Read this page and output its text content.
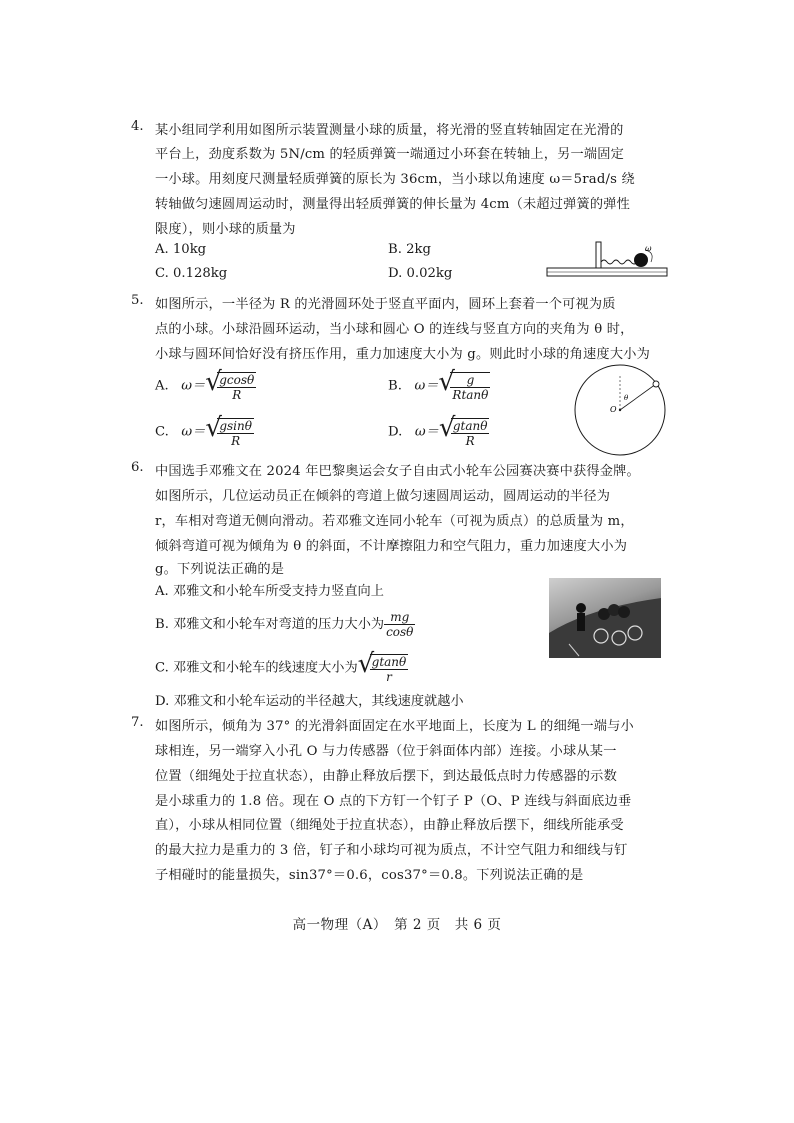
4. 某小组同学利用如图所示装置测量小球的质量，将光滑的竖直转轴固定在光滑的
平台上，劲度系数为 5N/cm 的轻质弹簧一端通过小环套在转轴上，另一端固定
一小球。用刻度尺测量轻质弹簧的原长为 36cm，当小球以角速度 ω＝5rad/s 绕
转轴做匀速圆周运动时，测量得出轻质弹簧的伸长量为 4cm（未超过弹簧的弹性
限度），则小球的质量为
A. 10kg	B. 2kg
C. 0.128kg	D. 0.02kg
ω
5. 如图所示，一半径为 R 的光滑圆环处于竖直平面内，圆环上套着一个可视为质
点的小球。小球沿圆环运动，当小球和圆心 O 的连线与竖直方向的夹角为 θ 时，
小球与圆环间恰好没有挤压作用，重力加速度大小为 g。则此时小球的角速度大小为
A. ω＝ √
$\frac{gcos\theta}{R}$	B. ω＝ √
$\frac{g}{Rtan\theta}$
C. ω＝ √
$\frac{gsin\theta}{R}$	D. ω＝ √
$\frac{gtan\theta}{R}$
O
θ
6. 中国选手邓雅文在 2024 年巴黎奥运会女子自由式小轮车公园赛决赛中获得金牌。
如图所示，几位运动员正在倾斜的弯道上做匀速圆周运动，圆周运动的半径为
r，车相对弯道无侧向滑动。若邓雅文连同小轮车（可视为质点）的总质量为 m，
倾斜弯道可视为倾角为 θ 的斜面，不计摩擦阻力和空气阻力，重力加速度大小为
g。下列说法正确的是
A. 邓雅文和小轮车所受支持力竖直向上
B. 邓雅文和小轮车对弯道的压力大小为 $\frac{mg}{\cos\theta}$
C. 邓雅文和小轮车的线速度大小为 √
$\frac{gtan\theta}{r}$
D. 邓雅文和小轮车运动的半径越大，其线速度就越小
7. 如图所示，倾角为 37° 的光滑斜面固定在水平地面上，长度为 L 的细绳一端与小
球相连，另一端穿入小孔 O 与力传感器（位于斜面体内部）连接。小球从某一
位置（细绳处于拉直状态），由静止释放后摆下，到达最低点时力传感器的示数
是小球重力的 1.8 倍。现在 O 点的下方钉一个钉子 P（O、P 连线与斜面底边垂
直），小球从相同位置（细绳处于拉直状态），由静止释放后摆下，细线所能承受
的最大拉力是重力的 3 倍，钉子和小球均可视为质点，不计空气阻力和细线与钉
子相碰时的能量损失，sin37°＝0.6，cos37°＝0.8。下列说法正确的是
高一物理（A）　第 2 页　共 6 页
